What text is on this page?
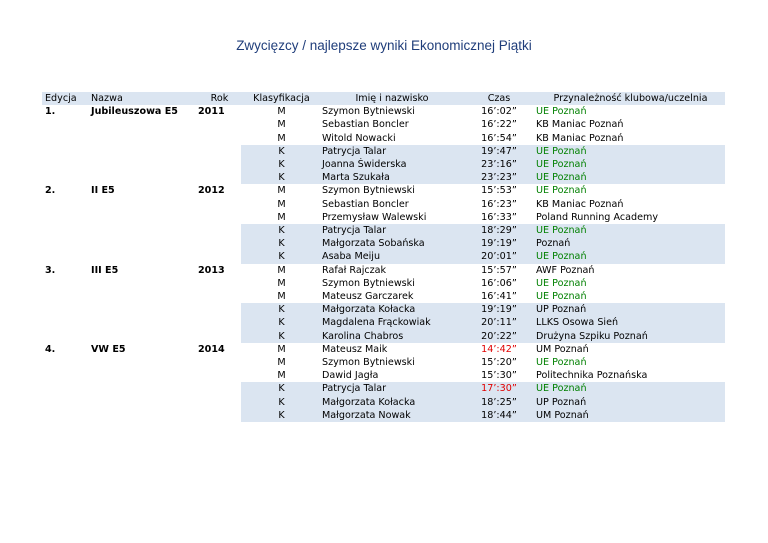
Zwycięzcy / najlepsze wyniki Ekonomicznej Piątki
Edycja	Nazwa	Rok	Klasyfikacja	Imię i nazwisko	Czas	Przynależność klubowa/uczelnia
1.	Jubileuszowa E5	2011	M	Szymon Bytniewski	16’:02”	UE Poznań
			M	Sebastian Boncler	16’:22”	KB Maniac Poznań
			M	Witold Nowacki	16’:54”	KB Maniac Poznań
			K	Patrycja Talar	19’:47”	UE Poznań
			K	Joanna Świderska	23’:16”	UE Poznań
			K	Marta Szukała	23’:23”	UE Poznań
2.	II E5	2012	M	Szymon Bytniewski	15’:53”	UE Poznań
			M	Sebastian Boncler	16’:23”	KB Maniac Poznań
			M	Przemysław Walewski	16’:33”	Poland Running Academy
			K	Patrycja Talar	18’:29”	UE Poznań
			K	Małgorzata Sobańska	19’:19”	Poznań
			K	Asaba Meiju	20’:01”	UE Poznań
3.	III E5	2013	M	Rafał Rajczak	15’:57”	AWF Poznań
			M	Szymon Bytniewski	16’:06”	UE Poznań
			M	Mateusz Garczarek	16’:41”	UE Poznań
			K	Małgorzata Kołacka	19’:19”	UP Poznań
			K	Magdalena Frąckowiak	20’:11”	LLKS Osowa Sień
			K	Karolina Chabros	20’:22”	Drużyna Szpiku Poznań
4.	VW E5	2014	M	Mateusz Maik	14’:42”	UM Poznań
			M	Szymon Bytniewski	15’:20”	UE Poznań
			M	Dawid Jagła	15’:30”	Politechnika Poznańska
			K	Patrycja Talar	17’:30”	UE Poznań
			K	Małgorzata Kołacka	18’:25”	UP Poznań
			K	Małgorzata Nowak	18’:44”	UM Poznań
